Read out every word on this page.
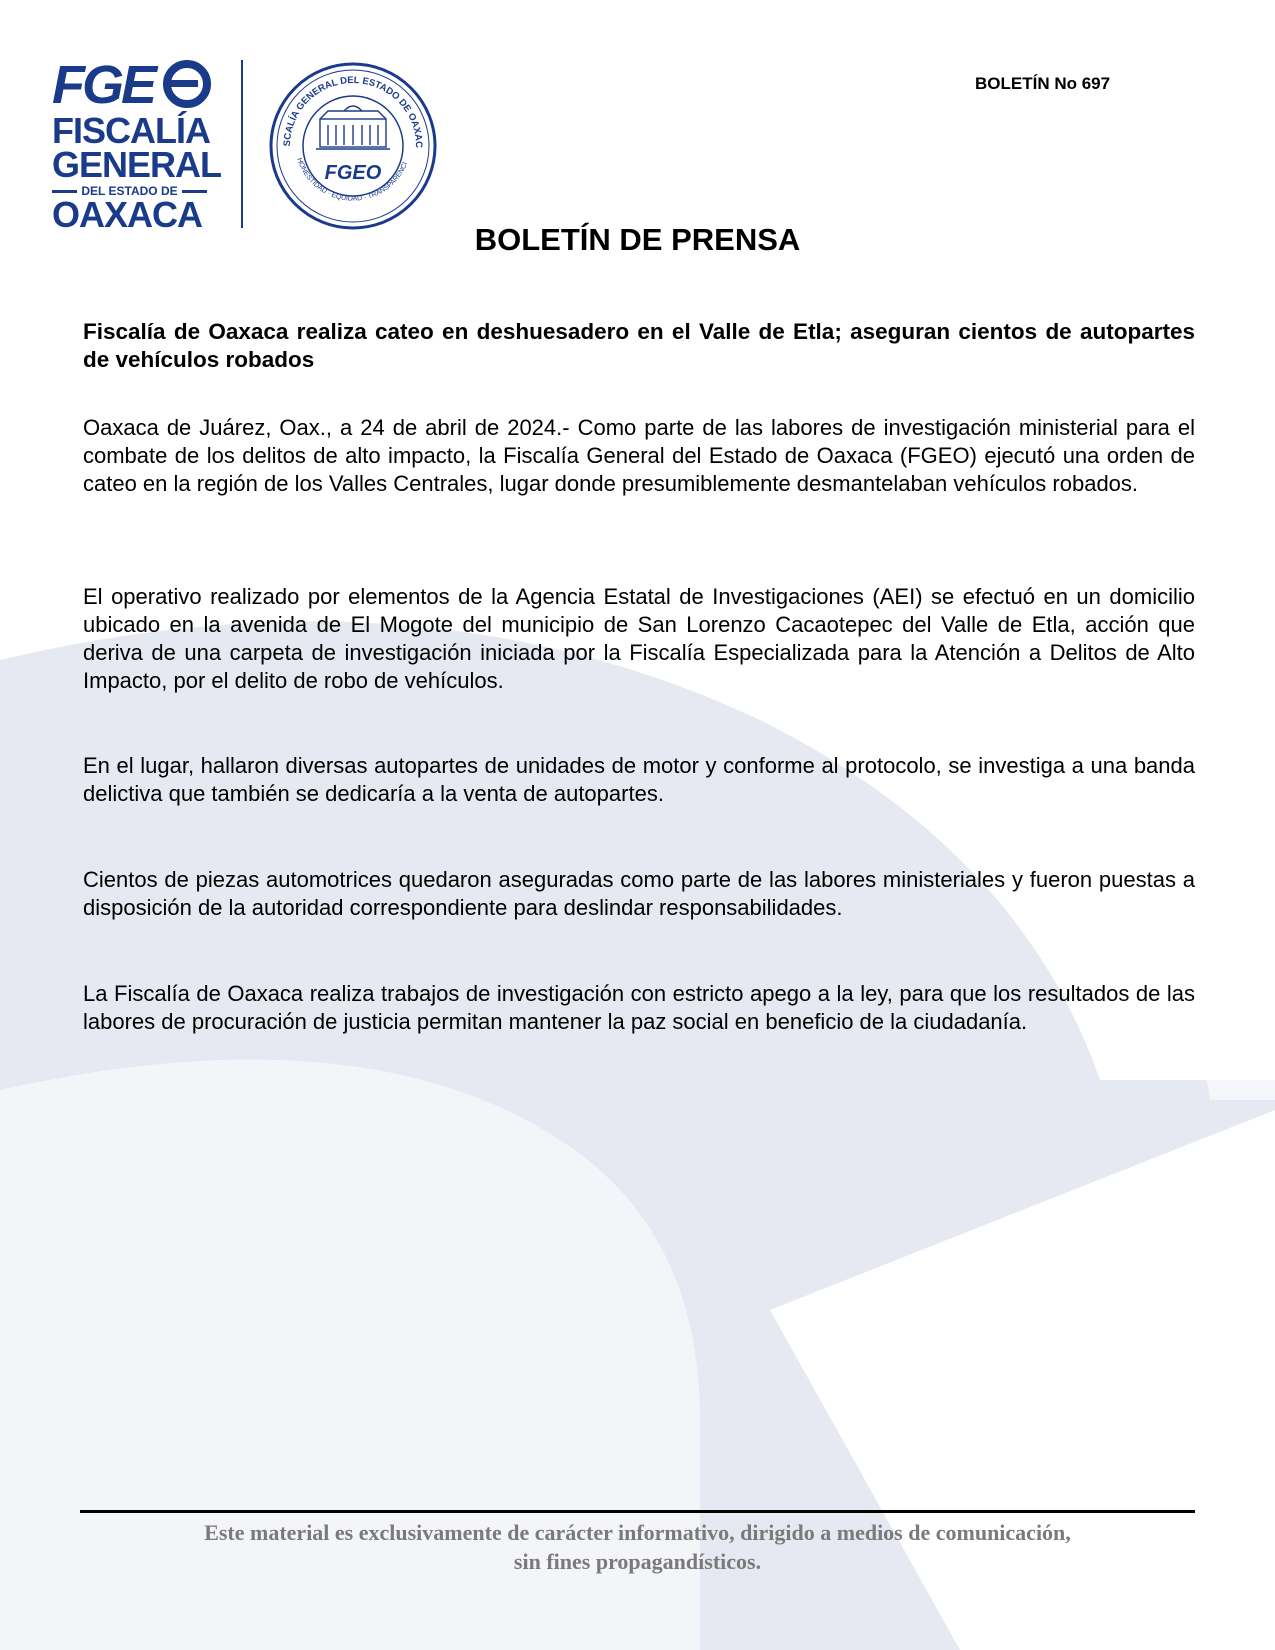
FGE
FISCALÍA
GENERAL
DEL ESTADO DE
OAXACA
SCALÍA GENERAL DEL ESTADO DE OAXAC
HONESTIDAD · EQUIDAD · TRANSPARENCI
FGEO
BOLETÍN No 697
BOLETÍN DE PRENSA
Fiscalía de Oaxaca realiza cateo en deshuesadero en el Valle de Etla; aseguran cientos de autopartes de vehículos robados
Oaxaca de Juárez, Oax., a 24 de abril de 2024.- Como parte de las labores de investigación ministerial para el combate de los delitos de alto impacto, la Fiscalía General del Estado de Oaxaca (FGEO) ejecutó una orden de cateo en la región de los Valles Centrales, lugar donde presumiblemente desmantelaban vehículos robados.
El operativo realizado por elementos de la Agencia Estatal de Investigaciones (AEI) se efectuó en un domicilio ubicado en la avenida de El Mogote del municipio de San Lorenzo Cacaotepec del Valle de Etla, acción que deriva de una carpeta de investigación iniciada por la Fiscalía Especializada para la Atención a Delitos de Alto Impacto, por el delito de robo de vehículos.
En el lugar, hallaron diversas autopartes de unidades de motor y conforme al protocolo, se investiga a una banda delictiva que también se dedicaría a la venta de autopartes.
Cientos de piezas automotrices quedaron aseguradas como parte de las labores ministeriales y fueron puestas a disposición de la autoridad correspondiente para deslindar responsabilidades.
La Fiscalía de Oaxaca realiza trabajos de investigación con estricto apego a la ley, para que los resultados de las labores de procuración de justicia permitan mantener la paz social en beneficio de la ciudadanía.
Este material es exclusivamente de carácter informativo, dirigido a medios de comunicación,
sin fines propagandísticos.
